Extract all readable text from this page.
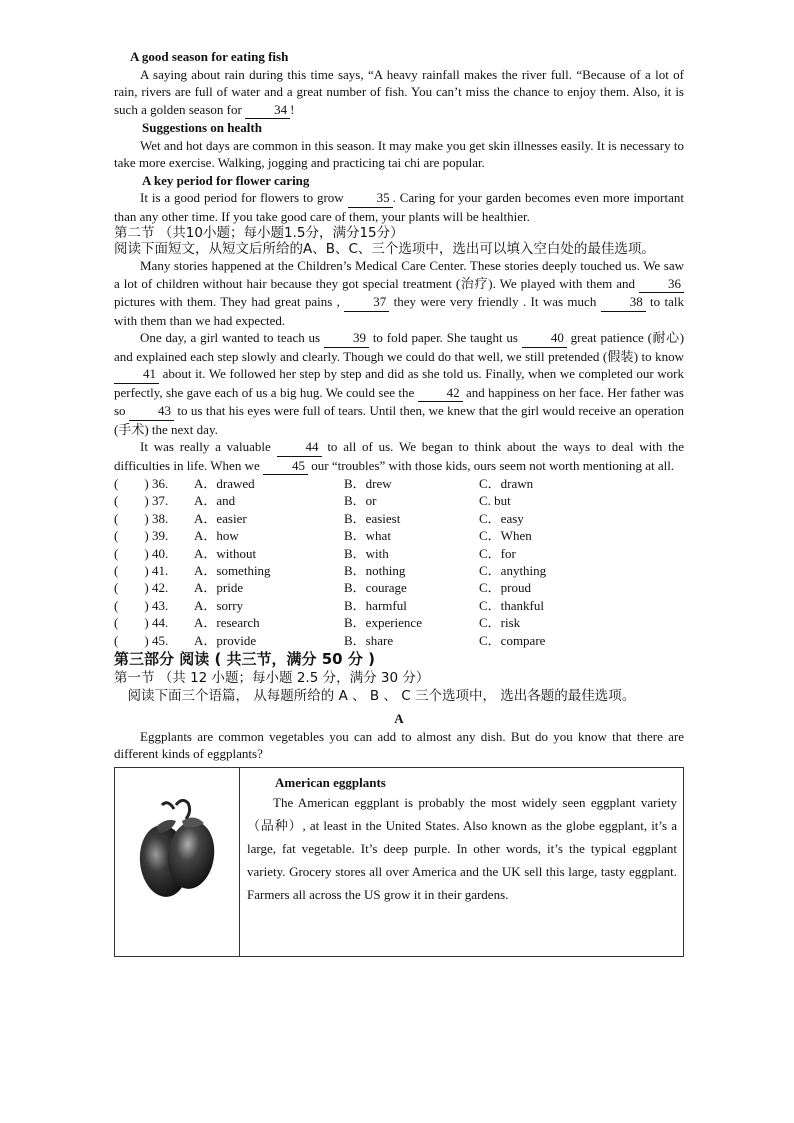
A good season for eating fish
A saying about rain during this time says, “A heavy rainfall makes the river full. “Because of a lot of rain, rivers are full of water and a great number of fish. You can’t miss the chance to enjoy them. Also, it is such a golden season for 34 !
Suggestions on health
Wet and hot days are common in this season. It may make you get skin illnesses easily. It is necessary to take more exercise. Walking, jogging and practicing tai chi are popular.
A key period for flower caring
It is a good period for flowers to grow	35 . Caring for your garden becomes even more important than any other time. If you take good care of them, your plants will be healthier.
第二节 （共10小题；每小题1.5分，满分15分）
阅读下面短文，从短文后所给的A、B、C、三个选项中，选出可以填入空白处的最佳选项。
Many stories happened at the Children’s Medical Care Center. These stories deeply touched us. We saw a lot of children without hair because they got special treatment (治疗). We played with them and	36 pictures with them. They had great pains ,	37 they were very friendly . It was much	38 to talk with them than we had expected.
One day, a girl wanted to teach us	39 to fold paper. She taught us	40 great patience (耐心) and explained each step slowly and clearly. Though we could do that well, we still pretended (假装) to know 41 about it. We followed her step by step and did as she told us. Finally, when we completed our work perfectly, she gave each of us a big hug. We could see the 42 and happiness on her face. Her father was so 43 to us that his eyes were full of tears. Until then, we knew that the girl would receive an operation (手术) the next day.
It was really a valuable	44 to all of us. We began to think about the ways to deal with the difficulties in life. When we 45 our “troubles” with those kids, ours seem not worth mentioning at all.
(　　) 36.	A．drawed	B．drew	C．drawn
(　　) 37.	A．and	B．or	C. but
(　　) 38.	A．easier	B．easiest	C．easy
(　　) 39.	A．how	B．what	C．When
(　　) 40.	A．without	B．with	C．for
(　　) 41.	A．something	B．nothing	C．anything
(　　) 42.	A．pride	B．courage	C．proud
(　　) 43.	A．sorry	B．harmful	C．thankful
(　　) 44.	A．research	B．experience	C．risk
(　　) 45.	A．provide	B．share	C．compare
第三部分 阅读 ( 共三节，满分 50 分 )
第一节 （共 12 小题；每小题 2.5 分，满分 30 分）
阅读下面三个语篇， 从每题所给的 A 、 B 、 C 三个选项中， 选出各题的最佳选项。
A
Eggplants are common vegetables you can add to almost any dish. But do you know that there are different kinds of eggplants?

American eggplants
The American eggplant is probably the most widely seen eggplant variety （品种）, at least in the United States. Also known as the globe eggplant, it’s a large, fat vegetable. It’s deep purple. In other words, it’s the typical eggplant variety. Grocery stores all over America and the UK sell this large, tasty eggplant. Farmers all across the US grow it in their gardens.
